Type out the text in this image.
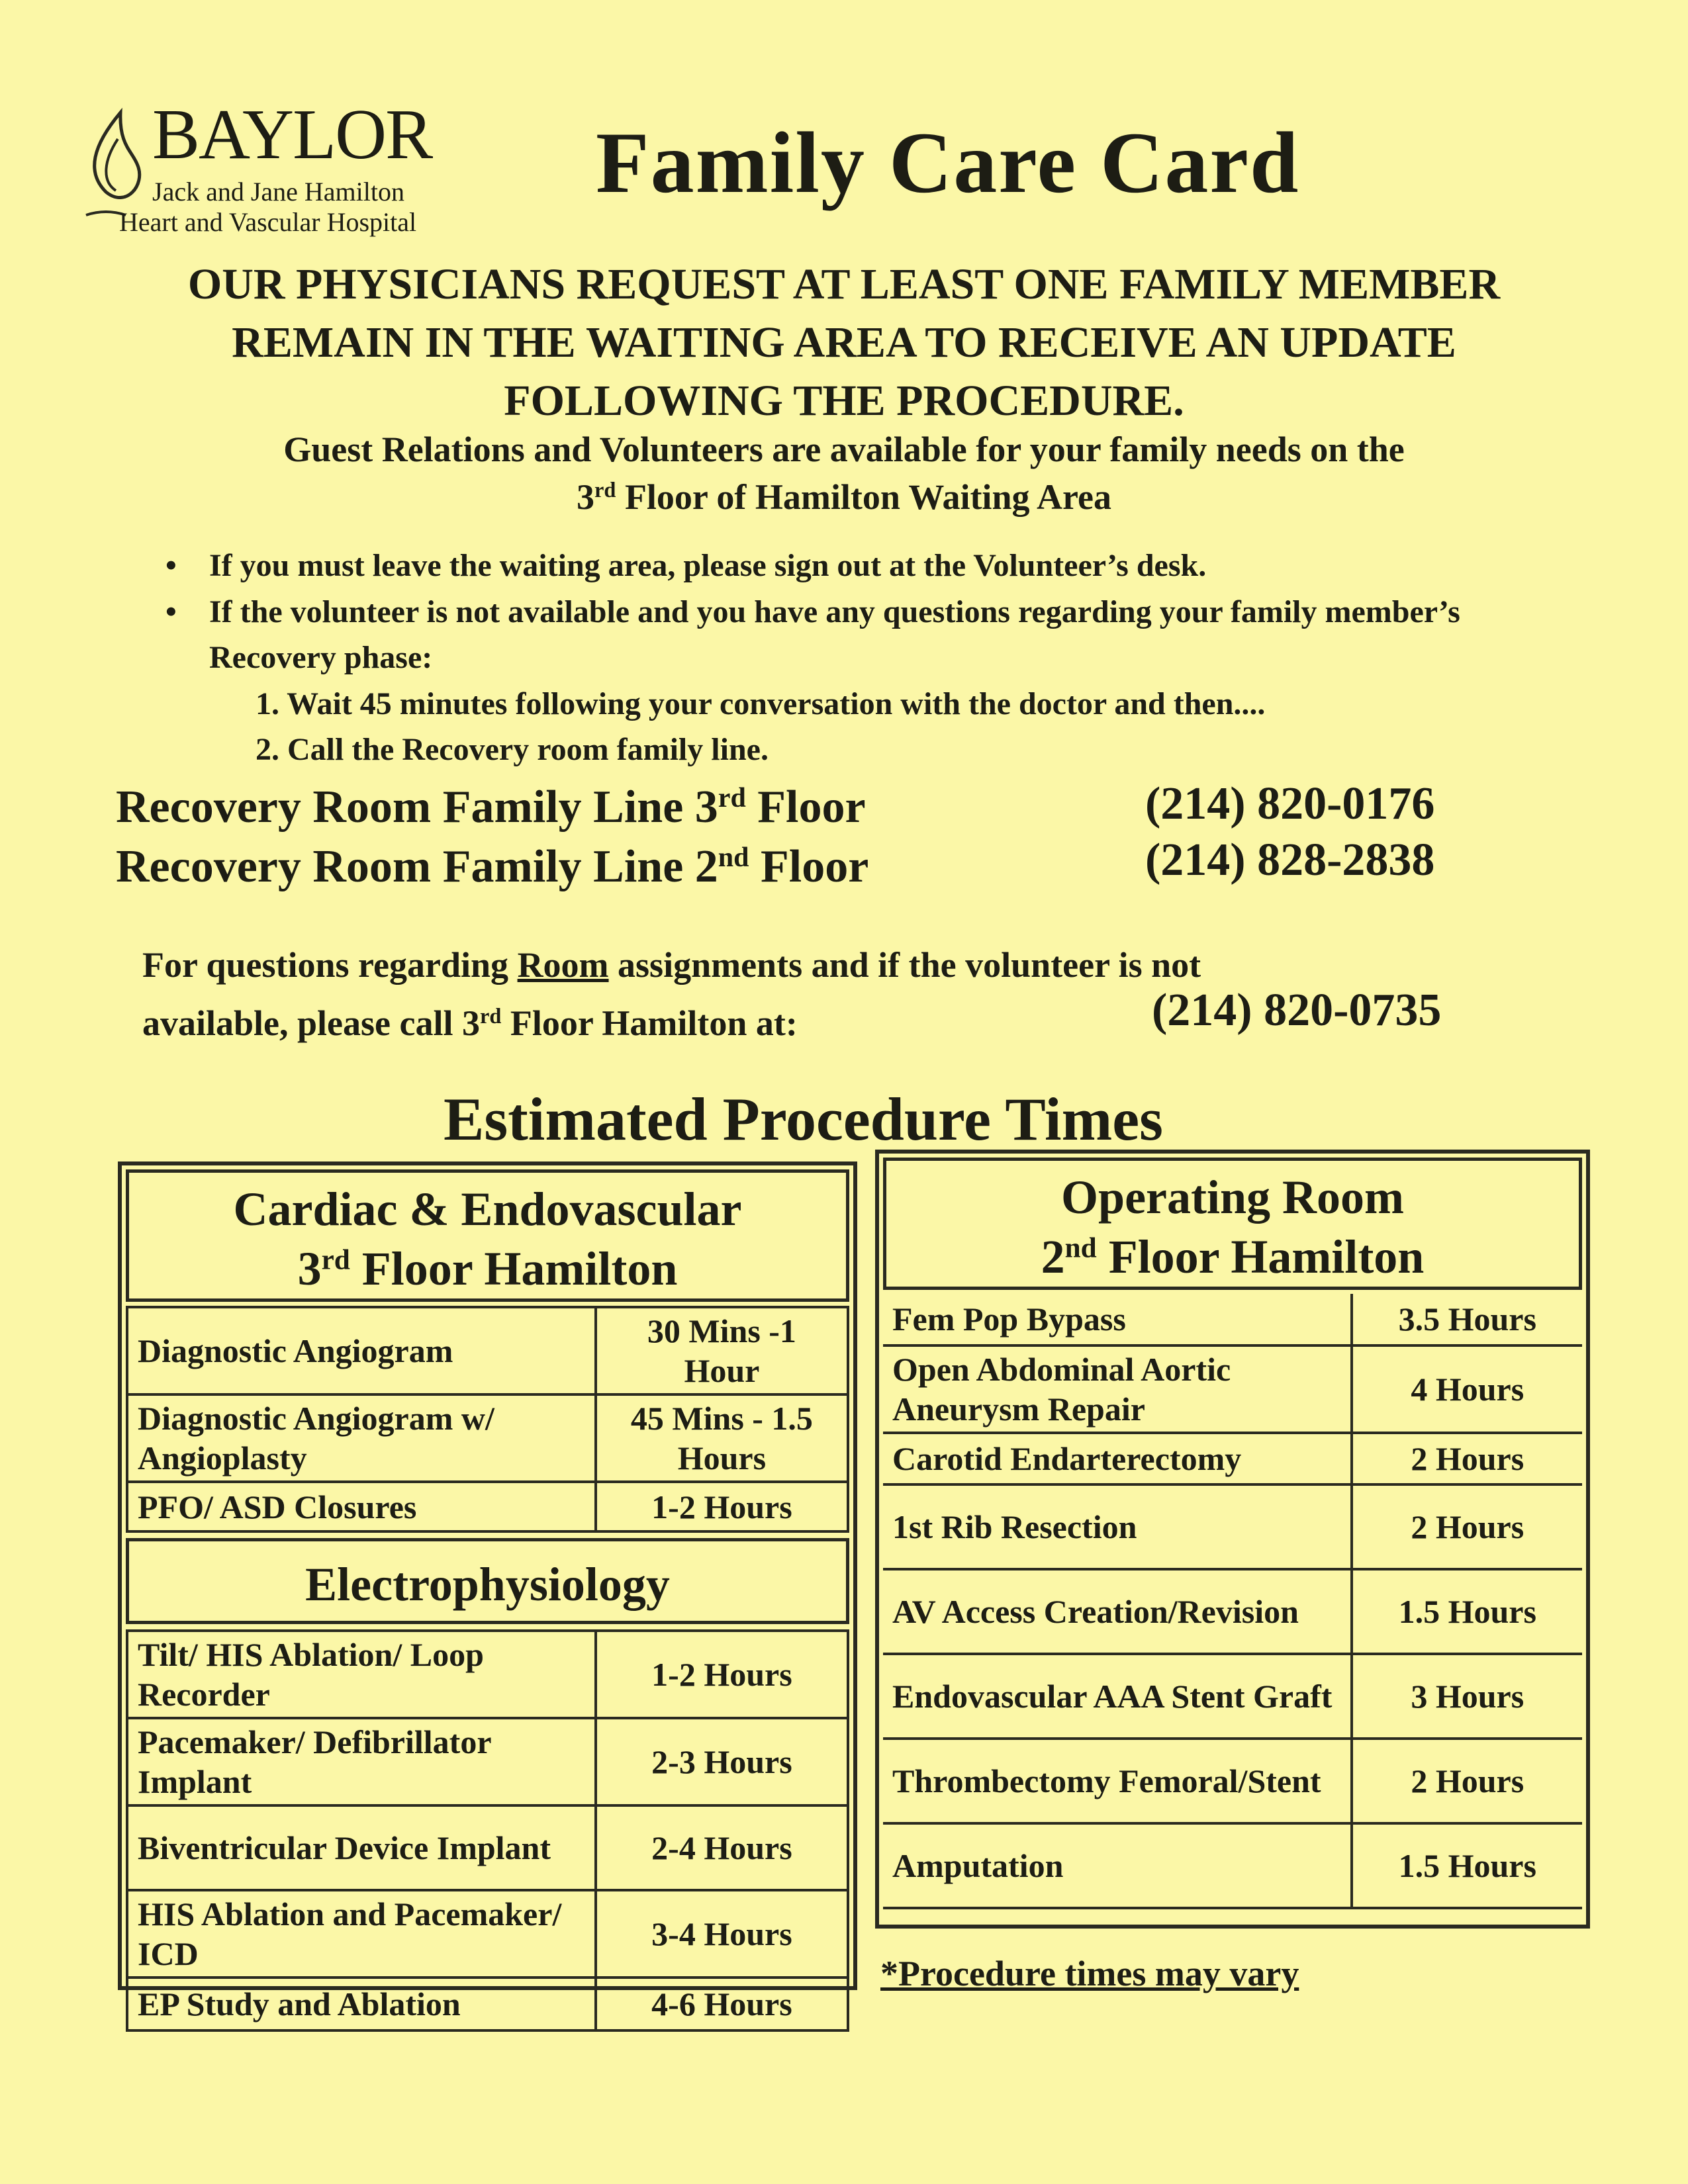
BAYLOR
Jack and Jane Hamilton
Heart and Vascular Hospital
Family Care Card
OUR PHYSICIANS REQUEST AT LEAST ONE FAMILY MEMBER
REMAIN IN THE WAITING AREA TO RECEIVE AN UPDATE
FOLLOWING THE PROCEDURE.
Guest Relations and Volunteers are available for your family needs on the
3rd Floor of Hamilton Waiting Area
• If you must leave the waiting area, please sign out at the Volunteer’s desk.
• If the volunteer is not available and you have any questions regarding your family member’s Recovery phase:
1. Wait 45 minutes following your conversation with the doctor and then....
2. Call the Recovery room family line.
Recovery Room Family Line 3rd Floor	(214) 820-0176
Recovery Room Family Line 2nd Floor	(214) 828-2838
For questions regarding Room assignments and if the volunteer is not
available, please call 3rd Floor Hamilton at:	(214) 820-0735
Estimated Procedure Times
Cardiac & Endovascular
3rd Floor Hamilton
Diagnostic Angiogram	30 Mins -1 Hour
Diagnostic Angiogram w/ Angioplasty	45 Mins - 1.5 Hours
PFO/ ASD Closures	1-2 Hours
Electrophysiology
Tilt/ HIS Ablation/ Loop Recorder	1-2 Hours
Pacemaker/ Defibrillator Implant	2-3 Hours
Biventricular Device Implant	2-4 Hours
HIS Ablation and Pacemaker/ ICD	3-4 Hours
EP Study and Ablation	4-6 Hours
Operating Room
2nd Floor Hamilton
Fem Pop Bypass	3.5 Hours
Open Abdominal Aortic Aneurysm Repair	4 Hours
Carotid Endarterectomy	2 Hours
1st Rib Resection	2 Hours
AV Access Creation/Revision	1.5 Hours
Endovascular AAA Stent Graft	3 Hours
Thrombectomy Femoral/Stent	2 Hours
Amputation	1.5 Hours
*Procedure times may vary
